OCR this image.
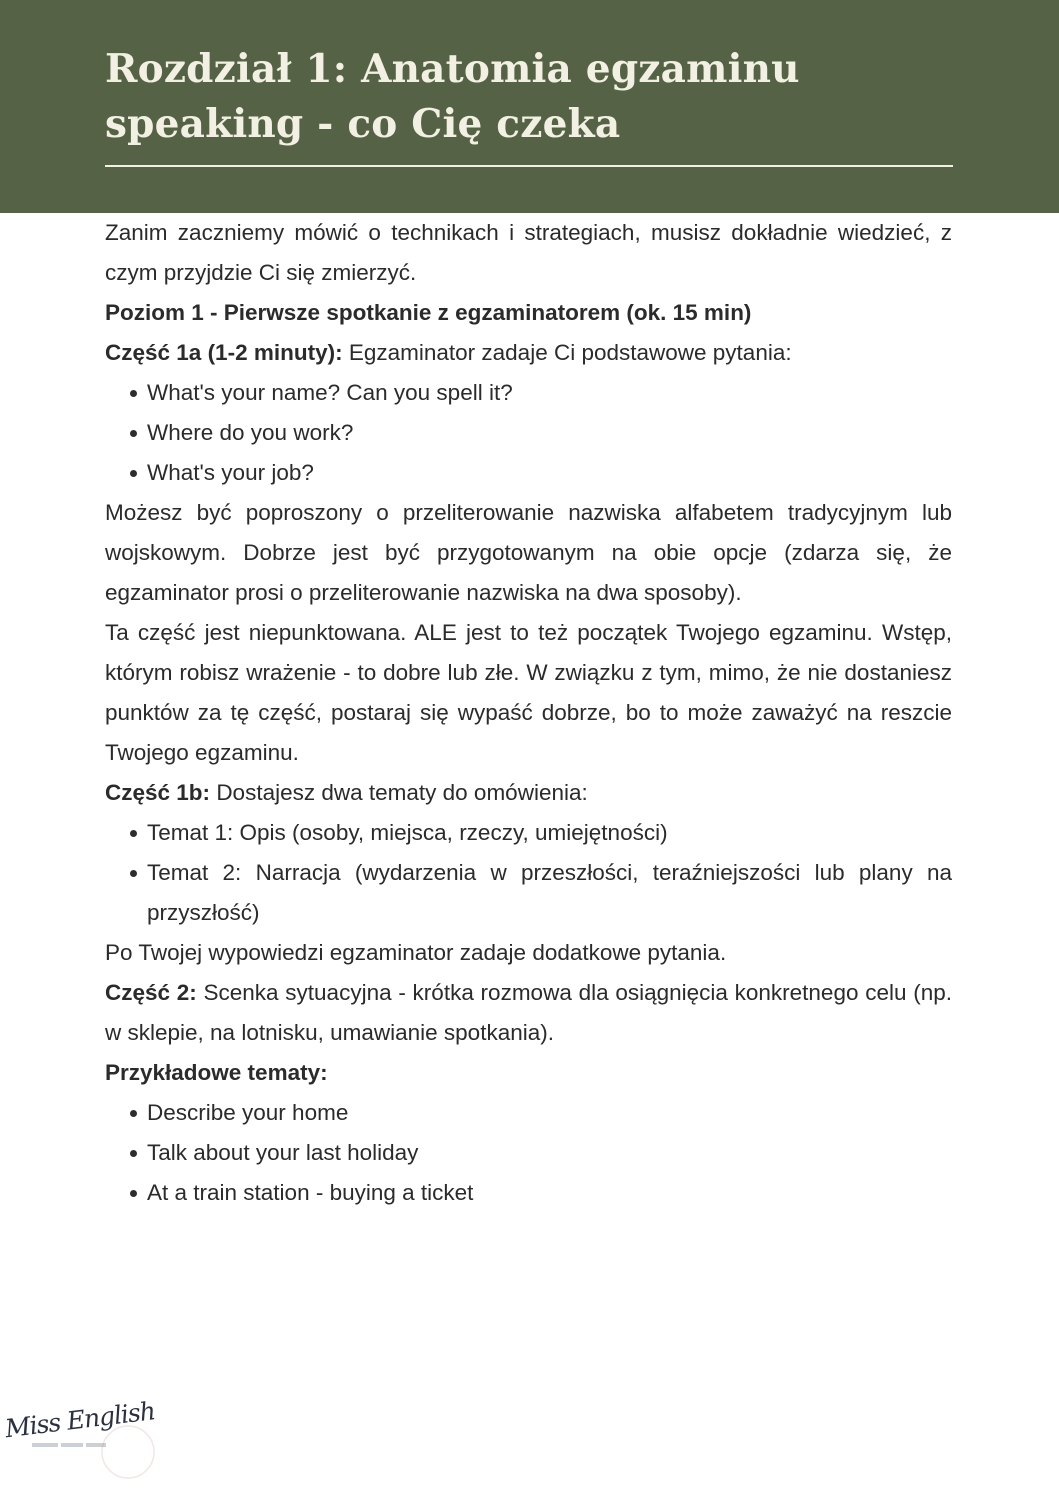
Rozdział 1: Anatomia egzaminu
speaking - co Cię czeka

Zanim zaczniemy mówić o technikach i strategiach, musisz dokładnie wiedzieć, z czym przyjdzie Ci się zmierzyć.

Poziom 1 - Pierwsze spotkanie z egzaminatorem (ok. 15 min)

Część 1a (1-2 minuty): Egzaminator zadaje Ci podstawowe pytania:

What's your name? Can you spell it?
Where do you work?
What's your job?

Możesz być poproszony o przeliterowanie nazwiska alfabetem tradycyjnym lub wojskowym. Dobrze jest być przygotowanym na obie opcje (zdarza się, że egzaminator prosi o przeliterowanie nazwiska na dwa sposoby).

Ta część jest niepunktowana. ALE jest to też początek Twojego egzaminu. Wstęp, którym robisz wrażenie - to dobre lub złe. W związku z tym, mimo, że nie dostaniesz punktów za tę część, postaraj się wypaść dobrze, bo to może zaważyć na reszcie Twojego egzaminu.

Część 1b: Dostajesz dwa tematy do omówienia:

Temat 1: Opis (osoby, miejsca, rzeczy, umiejętności)
Temat 2: Narracja (wydarzenia w przeszłości, teraźniejszości lub plany na przyszłość)

Po Twojej wypowiedzi egzaminator zadaje dodatkowe pytania.

Część 2: Scenka sytuacyjna - krótka rozmowa dla osiągnięcia konkretnego celu (np. w sklepie, na lotnisku, umawianie spotkania).

Przykładowe tematy:

Describe your home
Talk about your last holiday
At a train station - buying a ticket
Miss English
